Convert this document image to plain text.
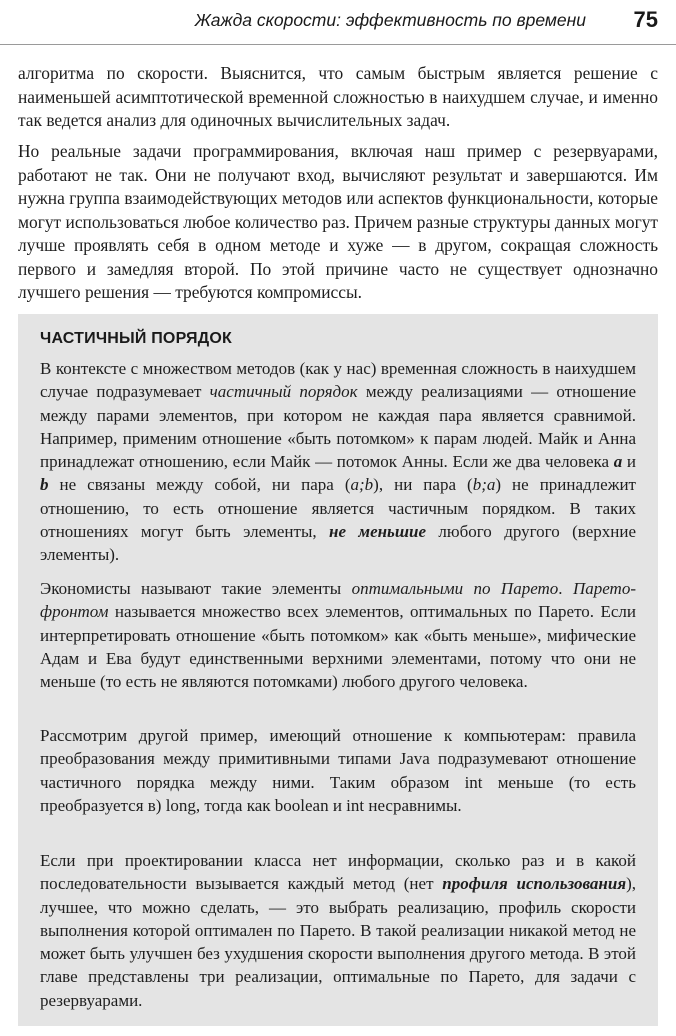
Жажда скорости: эффективность по времени 75

алгоритма по скорости. Выяснится, что самым быстрым является решение с наименьшей асимптотической временной сложностью в наихудшем случае, и именно так ведется анализ для одиночных вычислительных задач.

Но реальные задачи программирования, включая наш пример с резервуарами, работают не так. Они не получают вход, вычисляют результат и завершаются. Им нужна группа взаимодействующих методов или аспектов функциональности, которые могут использоваться любое количество раз. Причем разные структуры данных могут лучше проявлять себя в одном методе и хуже — в другом, сокращая сложность первого и замедляя второй. По этой причине часто не существует однозначно лучшего решения — требуются компромиссы.

ЧАСТИЧНЫЙ ПОРЯДОК

В контексте с множеством методов (как у нас) временная сложность в наихудшем случае подразумевает частичный порядок между реализациями — отношение между парами элементов, при котором не каждая пара является сравнимой. Например, применим отношение «быть потомком» к парам людей. Майк и Анна принадлежат отношению, если Майк — потомок Анны. Если же два человека a и b не связаны между собой, ни пара (a;b), ни пара (b;a) не принадлежит отношению, то есть отношение является частичным порядком. В таких отношениях могут быть элементы, не меньшие любого другого (верхние элементы).

Экономисты называют такие элементы оптимальными по Парето. Парето-фронтом называется множество всех элементов, оптимальных по Парето. Если интерпретировать отношение «быть потомком» как «быть меньше», мифические Адам и Ева будут единственными верхними элементами, потому что они не меньше (то есть не являются потомками) любого другого человека.

Рассмотрим другой пример, имеющий отношение к компьютерам: правила преобразования между примитивными типами Java подразумевают отношение частичного порядка между ними. Таким образом int меньше (то есть преобразуется в) long, тогда как boolean и int несравнимы.

Если при проектировании класса нет информации, сколько раз и в какой последовательности вызывается каждый метод (нет профиля использования), лучшее, что можно сделать, — это выбрать реализацию, профиль скорости выполнения которой оптимален по Парето. В такой реализации никакой метод не может быть улучшен без ухудшения скорости выполнения другого метода. В этой главе представлены три реализации, оптимальные по Парето, для задачи с резервуарами.
